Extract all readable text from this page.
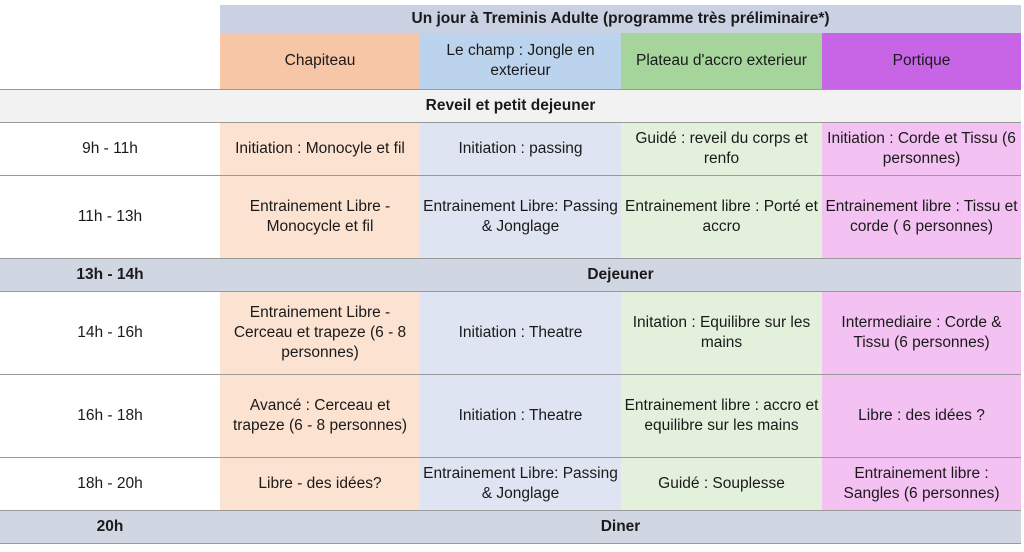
	Un jour à Treminis Adulte (programme très préliminaire*)			
	Chapiteau	Le champ : Jongle en exterieur	Plateau d'accro exterieur	Portique
Reveil et petit dejeuner				
9h - 11h	Initiation : Monocyle et fil	Initiation : passing	Guidé : reveil du corps et renfo	Initiation : Corde et Tissu (6 personnes)
11h - 13h	Entrainement Libre - Monocycle et fil	Entrainement Libre: Passing & Jonglage	Entrainement libre : Porté et accro	Entrainement libre : Tissu et corde ( 6 personnes)
13h - 14h	Dejeuner			
14h - 16h	Entrainement Libre - Cerceau et trapeze (6 - 8 personnes)	Initiation : Theatre	Initation : Equilibre sur les mains	Intermediaire : Corde & Tissu (6 personnes)
16h - 18h	Avancé : Cerceau et trapeze (6 - 8 personnes)	Initiation : Theatre	Entrainement libre : accro et equilibre sur les mains	Libre : des idées ?
18h - 20h	Libre - des idées?	Entrainement Libre: Passing & Jonglage	Guidé : Souplesse	Entrainement libre : Sangles (6 personnes)
20h	Diner			
